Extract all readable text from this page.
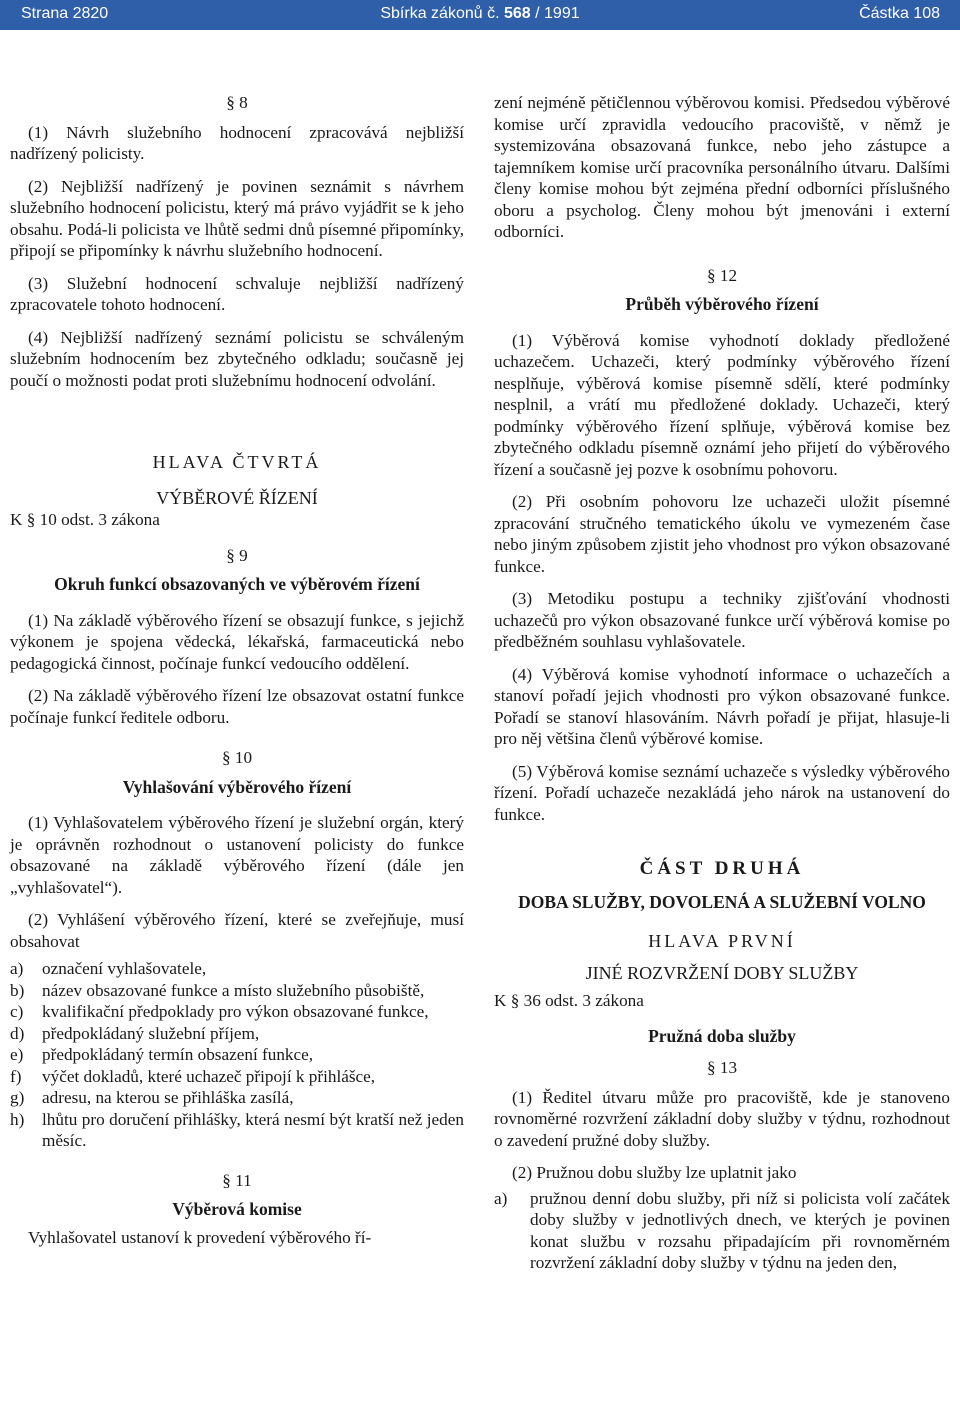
Strana 2820	Sbírka zákonů č. 568 / 1991	Částka 108
§ 8

(1) Návrh služebního hodnocení zpracovává nejbližší nadřízený policisty.

(2) Nejbližší nadřízený je povinen seznámit s návrhem služebního hodnocení policistu, který má právo vyjádřit se k jeho obsahu. Podá-li policista ve lhůtě sedmi dnů písemné připomínky, připojí se připomínky k návrhu služebního hodnocení.

(3) Služební hodnocení schvaluje nejbližší nadřízený zpracovatele tohoto hodnocení.

(4) Nejbližší nadřízený seznámí policistu se schváleným služebním hodnocením bez zbytečného odkladu; současně jej poučí o možnosti podat proti služebnímu hodnocení odvolání.

HLAVA ČTVRTÁ
VÝBĚROVÉ ŘÍZENÍ
K § 10 odst. 3 zákona
§ 9
Okruh funkcí obsazovaných ve výběrovém řízení

(1) Na základě výběrového řízení se obsazují funkce, s jejichž výkonem je spojena vědecká, lékařská, farmaceutická nebo pedagogická činnost, počínaje funkcí vedoucího oddělení.

(2) Na základě výběrového řízení lze obsazovat ostatní funkce počínaje funkcí ředitele odboru.

§ 10
Vyhlašování výběrového řízení

(1) Vyhlašovatelem výběrového řízení je služební orgán, který je oprávněn rozhodnout o ustanovení policisty do funkce obsazované na základě výběrového řízení (dále jen „vyhlašovatel“).

(2) Vyhlášení výběrového řízení, které se zveřejňuje, musí obsahovat

a)	označení vyhlašovatele,
b)	název obsazované funkce a místo služebního působiště,
c)	kvalifikační předpoklady pro výkon obsazované funkce,
d)	předpokládaný služební příjem,
e)	předpokládaný termín obsazení funkce,
f)	výčet dokladů, které uchazeč připojí k přihlášce,
g)	adresu, na kterou se přihláška zasílá,
h)	lhůtu pro doručení přihlášky, která nesmí být kratší než jeden měsíc.
§ 11
Výběrová komise

Vyhlašovatel ustanoví k provedení výběrového ří-

zení nejméně pětičlennou výběrovou komisi. Předsedou výběrové komise určí zpravidla vedoucího pracoviště, v němž je systemizována obsazovaná funkce, nebo jeho zástupce a tajemníkem komise určí pracovníka personálního útvaru. Dalšími členy komise mohou být zejména přední odborníci příslušného oboru a psycholog. Členy mohou být jmenováni i externí odborníci.

§ 12
Průběh výběrového řízení

(1) Výběrová komise vyhodnotí doklady předložené uchazečem. Uchazeči, který podmínky výběrového řízení nesplňuje, výběrová komise písemně sdělí, které podmínky nesplnil, a vrátí mu předložené doklady. Uchazeči, který podmínky výběrového řízení splňuje, výběrová komise bez zbytečného odkladu písemně oznámí jeho přijetí do výběrového řízení a současně jej pozve k osobnímu pohovoru.

(2) Při osobním pohovoru lze uchazeči uložit písemné zpracování stručného tematického úkolu ve vymezeném čase nebo jiným způsobem zjistit jeho vhodnost pro výkon obsazované funkce.

(3) Metodiku postupu a techniky zjišťování vhodnosti uchazečů pro výkon obsazované funkce určí výběrová komise po předběžném souhlasu vyhlašovatele.

(4) Výběrová komise vyhodnotí informace o uchazečích a stanoví pořadí jejich vhodnosti pro výkon obsazované funkce. Pořadí se stanoví hlasováním. Návrh pořadí je přijat, hlasuje-li pro něj většina členů výběrové komise.

(5) Výběrová komise seznámí uchazeče s výsledky výběrového řízení. Pořadí uchazeče nezakládá jeho nárok na ustanovení do funkce.

ČÁST DRUHÁ
DOBA SLUŽBY, DOVOLENÁ A SLUŽEBNÍ VOLNO
HLAVA PRVNÍ
JINÉ ROZVRŽENÍ DOBY SLUŽBY
K § 36 odst. 3 zákona
Pružná doba služby
§ 13

(1) Ředitel útvaru může pro pracoviště, kde je stanoveno rovnoměrné rozvržení základní doby služby v týdnu, rozhodnout o zavedení pružné doby služby.

(2) Pružnou dobu služby lze uplatnit jako

a)	pružnou denní dobu služby, při níž si policista volí začátek doby služby v jednotlivých dnech, ve kterých je povinen konat službu v rozsahu připadajícím při rovnoměrném rozvržení základní doby služby v týdnu na jeden den,
